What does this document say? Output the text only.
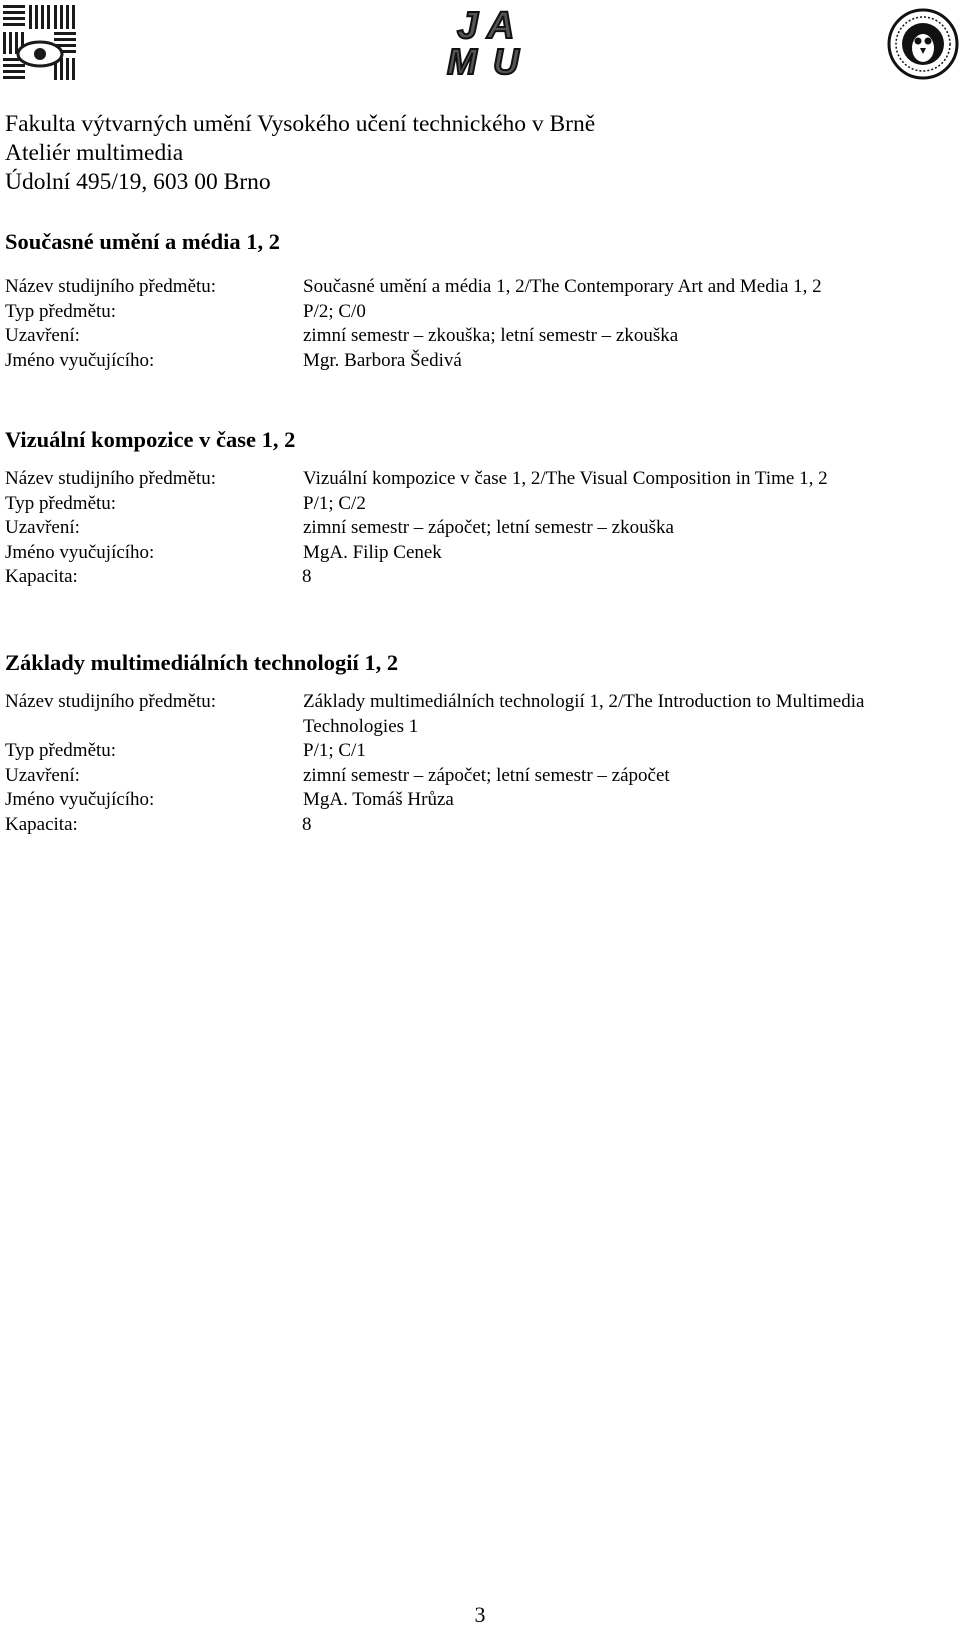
J A
M U
Fakulta výtvarných umění Vysokého učení technického v Brně
Ateliér multimedia
Údolní 495/19, 603 00 Brno
Současné umění a média 1, 2
Název studijního předmětu:	Současné umění a média 1, 2/The Contemporary Art and Media 1, 2
Typ předmětu:	P/2; C/0
Uzavření:	zimní semestr – zkouška; letní semestr – zkouška
Jméno vyučujícího:	Mgr. Barbora Šedivá
Vizuální kompozice v čase 1, 2
Název studijního předmětu:	Vizuální kompozice v čase 1, 2/The Visual Composition in Time 1, 2
Typ předmětu:	P/1; C/2
Uzavření:	zimní semestr – zápočet; letní semestr – zkouška
Jméno vyučujícího:	MgA. Filip Cenek
Kapacita:	8
Základy multimediálních technologií 1, 2
Název studijního předmětu:	Základy multimediálních technologií 1, 2/The Introduction to Multimedia Technologies 1
Typ předmětu:	P/1; C/1
Uzavření:	zimní semestr – zápočet; letní semestr – zápočet
Jméno vyučujícího:	MgA. Tomáš Hrůza
Kapacita:	8
3
